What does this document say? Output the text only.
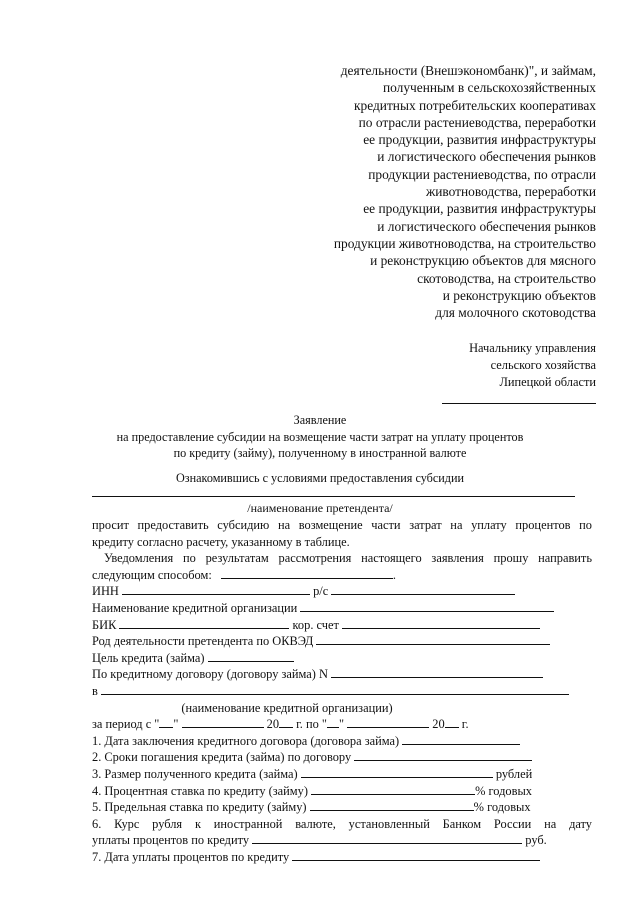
деятельности (Внешэкономбанк)", и займам,
полученным в сельскохозяйственных
кредитных потребительских кооперативах
по отрасли растениеводства, переработки
ее продукции, развития инфраструктуры
и логистического обеспечения рынков
продукции растениеводства, по отрасли
животноводства, переработки
ее продукции, развития инфраструктуры
и логистического обеспечения рынков
продукции животноводства, на строительство
и реконструкцию объектов для мясного
скотоводства, на строительство
и реконструкцию объектов
для молочного скотоводства
Начальнику управления
сельского хозяйства
Липецкой области
Заявление
на предоставление субсидии на возмещение части затрат на уплату процентов
по кредиту (займу), полученному в иностранной валюте
Ознакомившись с условиями предоставления субсидии
/наименование претендента/
просит предоставить субсидию на возмещение части затрат на уплату процентов по
кредиту согласно расчету, указанному в таблице.
Уведомления по результатам рассмотрения настоящего заявления прошу направить
следующим способом:	.
ИНН	р/с
Наименование кредитной организации
БИК	кор. счет
Род деятельности претендента по ОКВЭД
Цель кредита (займа)
По кредитному договору (договору займа) N
в
(наименование кредитной организации)
за период с " "	20 г. по " "	20 г.
1. Дата заключения кредитного договора (договора займа)
2. Сроки погашения кредита (займа) по договору
3. Размер полученного кредита (займа)	рублей
4. Процентная ставка по кредиту (займу)	% годовых
5. Предельная ставка по кредиту (займу)	% годовых
6. Курс рубля к иностранной валюте, установленный Банком России на дату
уплаты процентов по кредиту	руб.
7. Дата уплаты процентов по кредиту
